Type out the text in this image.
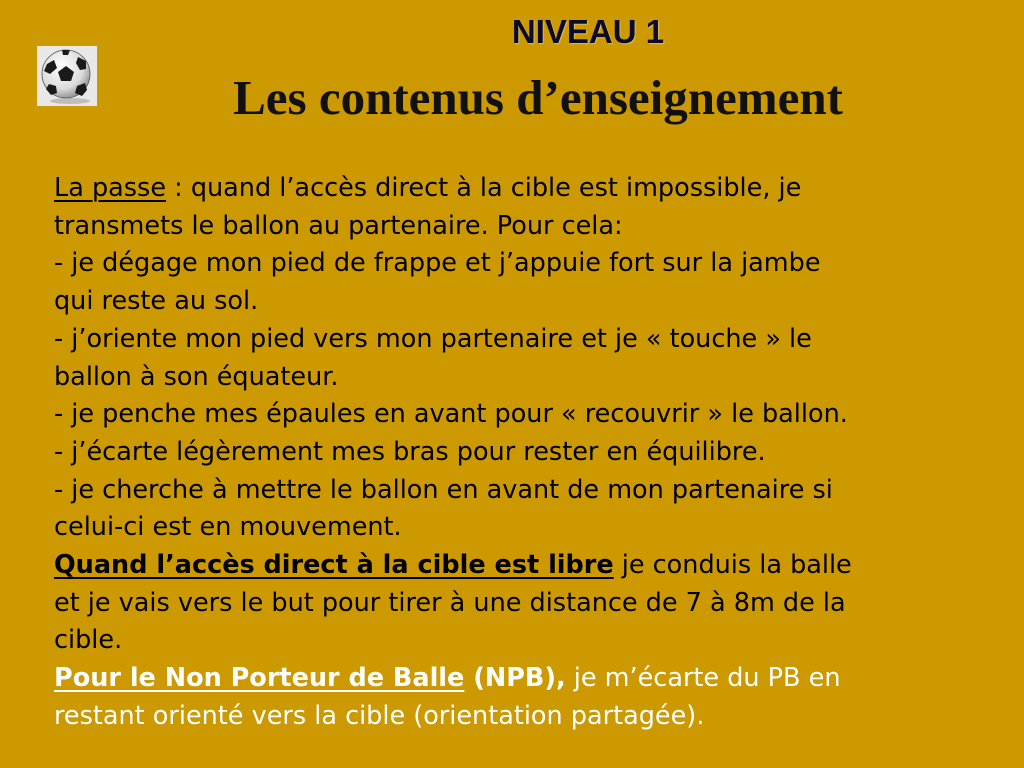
NIVEAU 1
Les contenus d’enseignement
La passe : quand l’accès direct à la cible est impossible, je
transmets le ballon au partenaire. Pour cela:
- je dégage mon pied de frappe et j’appuie fort sur la jambe
qui reste au sol.
- j’oriente mon pied vers mon partenaire et je « touche » le
ballon à son équateur.
- je penche mes épaules en avant pour « recouvrir » le ballon.
- j’écarte légèrement mes bras pour rester en équilibre.
- je cherche à mettre le ballon en avant de mon partenaire si
celui-ci est en mouvement.
Quand l’accès direct à la cible est libre je conduis la balle
et je vais vers le but pour tirer à une distance de 7 à 8m de la
cible.
Pour le Non Porteur de Balle (NPB), je m’écarte du PB en
restant orienté vers la cible (orientation partagée).
